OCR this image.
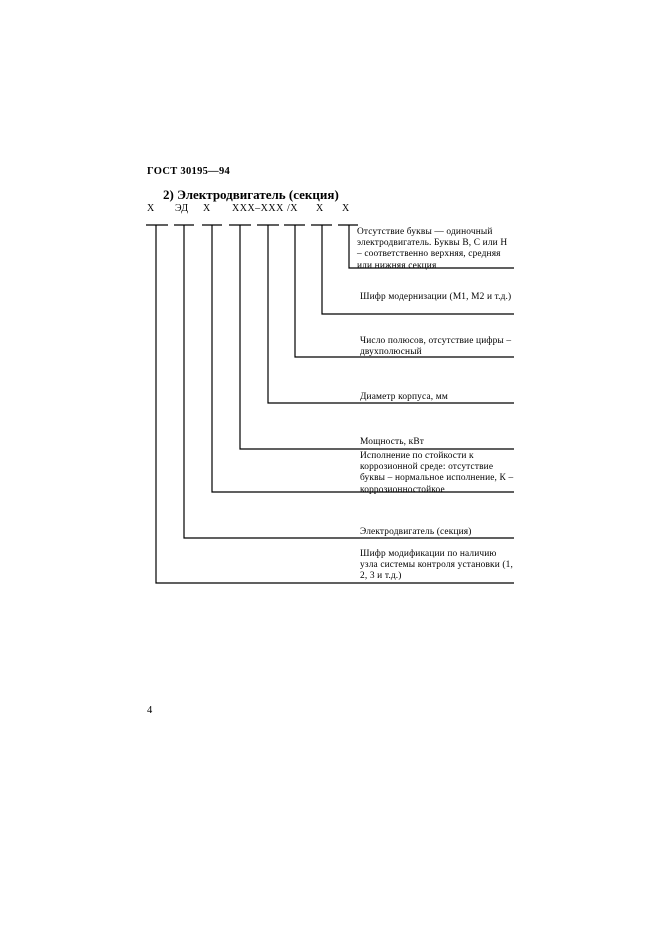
ГОСТ 30195—94
2) Электродвигатель (секция)
Х ЭД Х ХХХ–ХХХ /Х Х Х
Отсутствие буквы — одиночный электродвигатель. Буквы В, С или Н – соответственно верхняя, средняя или нижняя секция
Шифр модернизации (М1, М2 и т.д.)
Число полюсов, отсутствие цифры – двухполюсный
Диаметр корпуса, мм
Мощность, кВт
Исполнение по стойкости к коррозионной среде: отсутствие буквы – нормальное исполнение, К – коррозионностойкое
Электродвигатель (секция)
Шифр модификации по наличию узла системы контроля установки (1, 2, 3 и т.д.)
4
